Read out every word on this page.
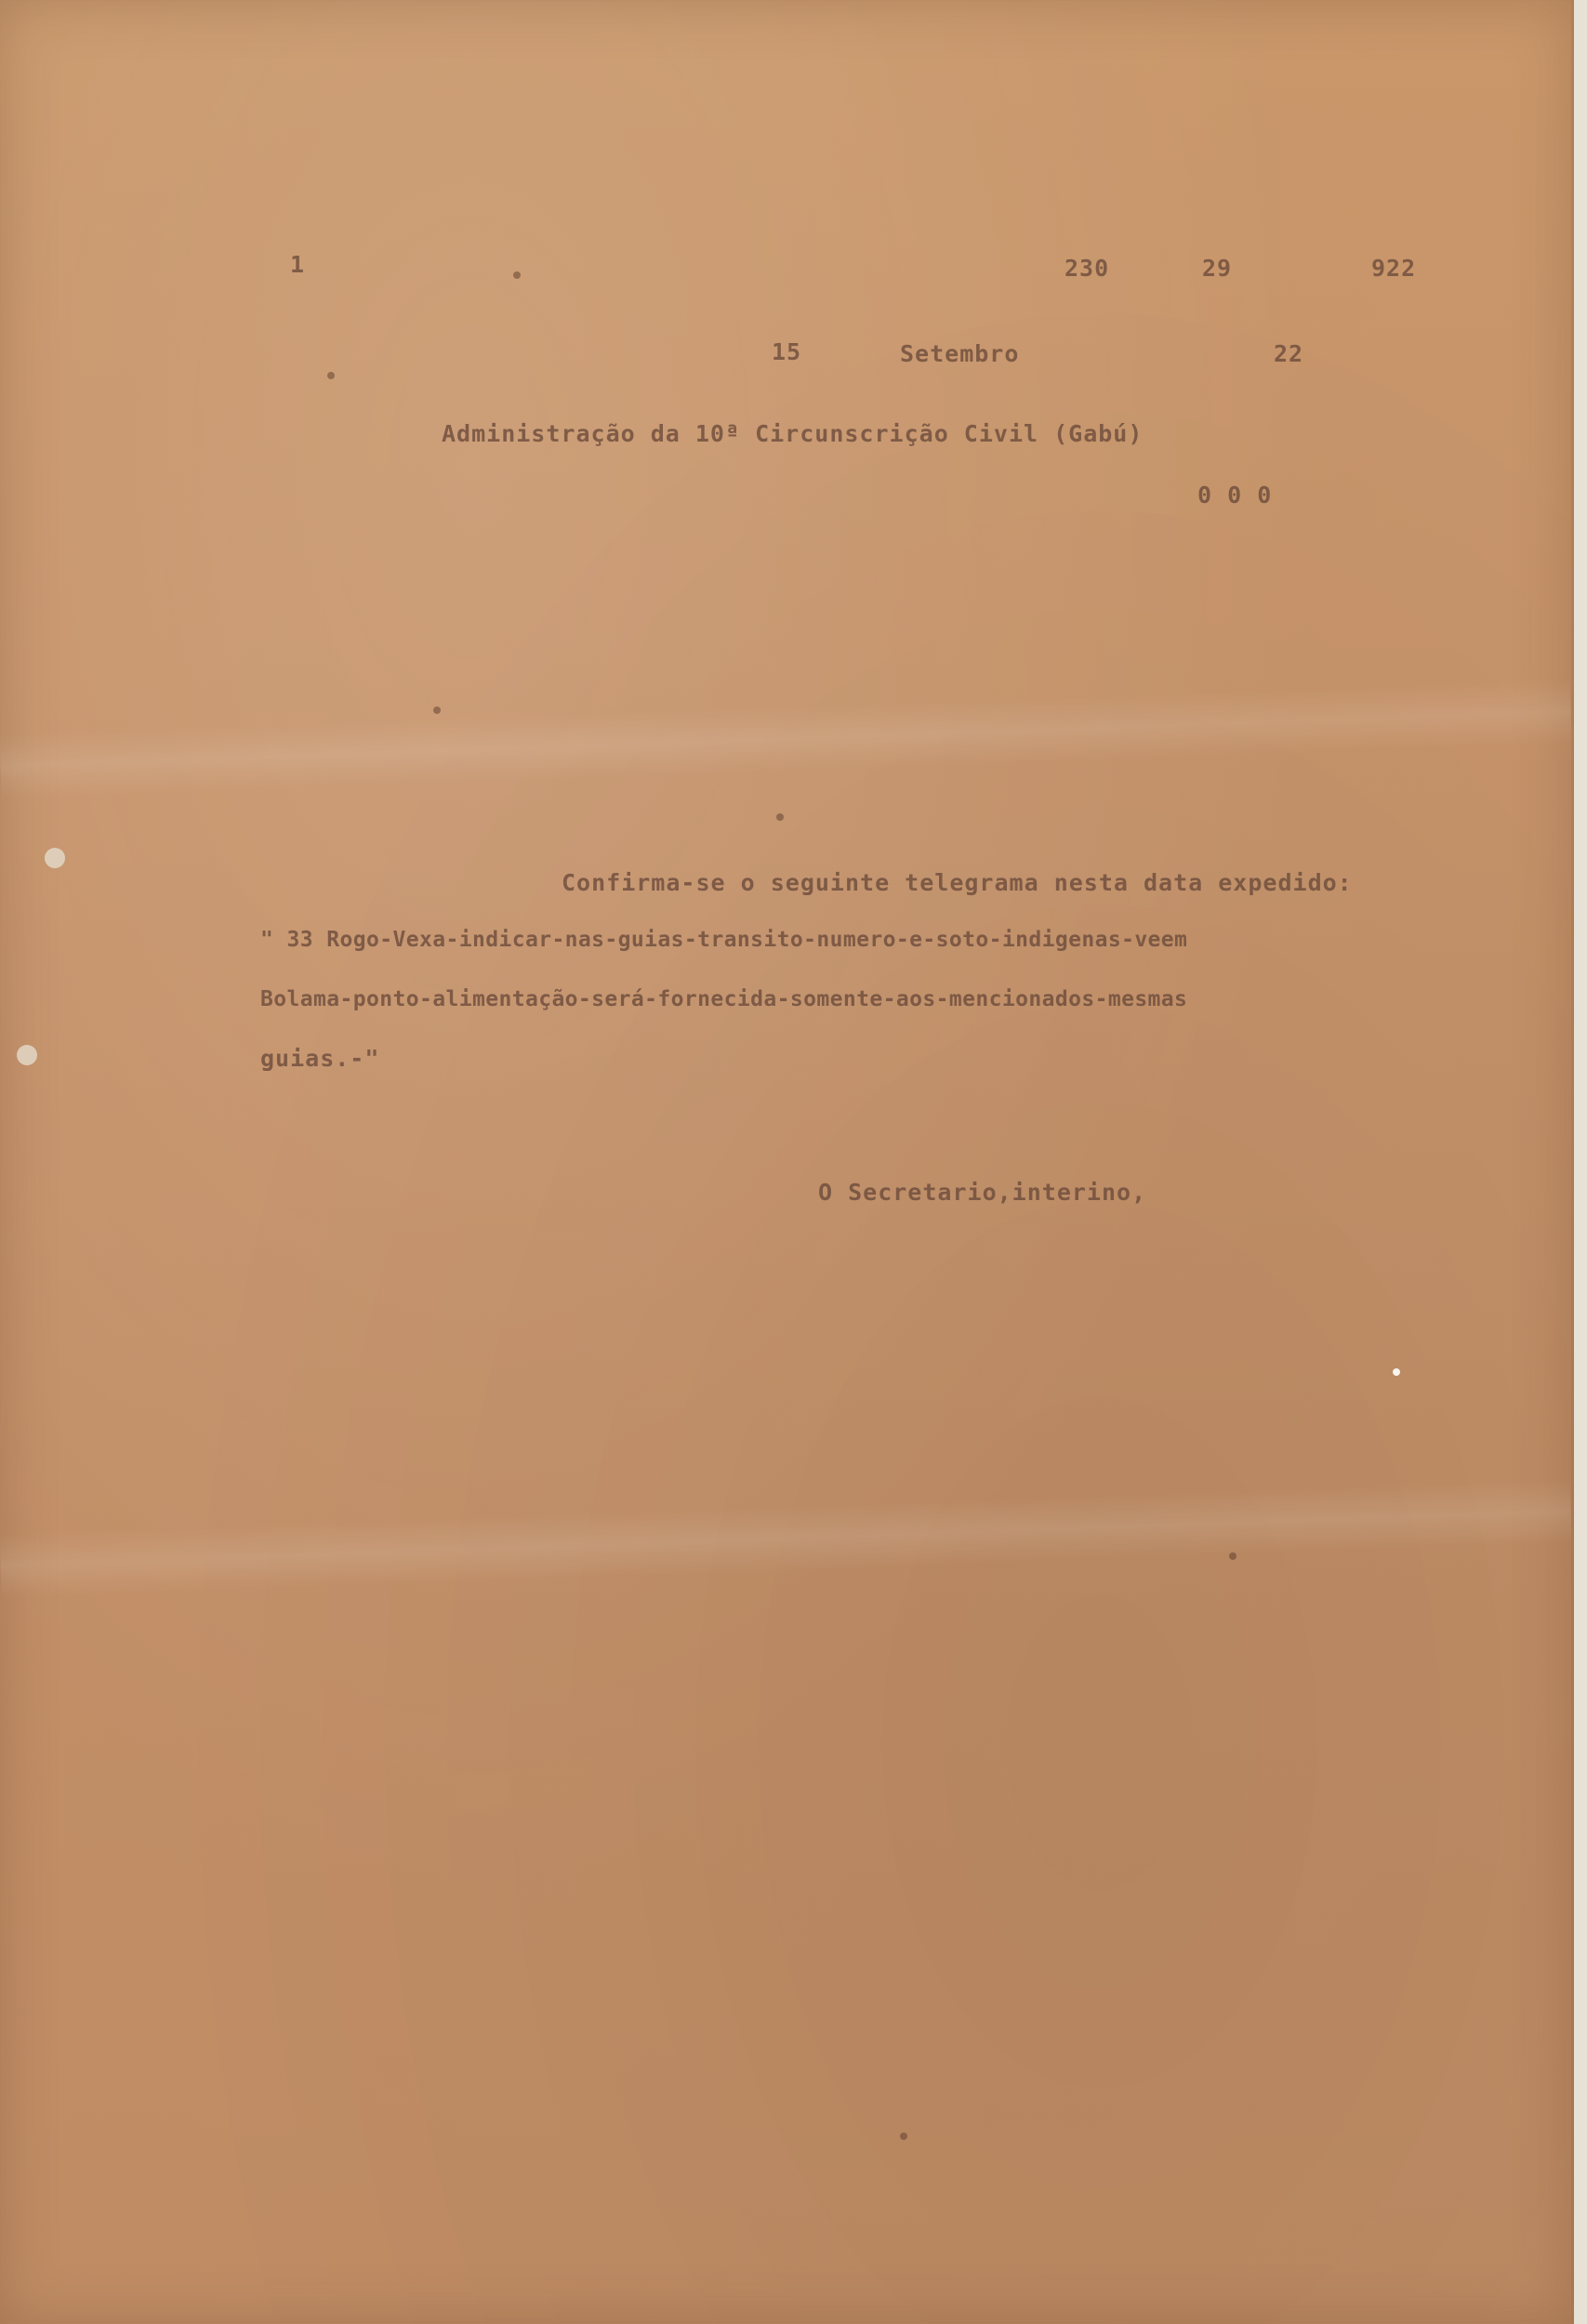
1	230	29	922
15	Setembro	22
Administração da 10ª Circunscrição Civil (Gabú)
0 0 0
Confirma-se o seguinte telegrama nesta data expedido:
" 33 Rogo-Vexa-indicar-nas-guias-transito-numero-e-soto-indigenas-veem
Bolama-ponto-alimentação-será-fornecida-somente-aos-mencionados-mesmas
guias.-"
O Secretario,interino,
